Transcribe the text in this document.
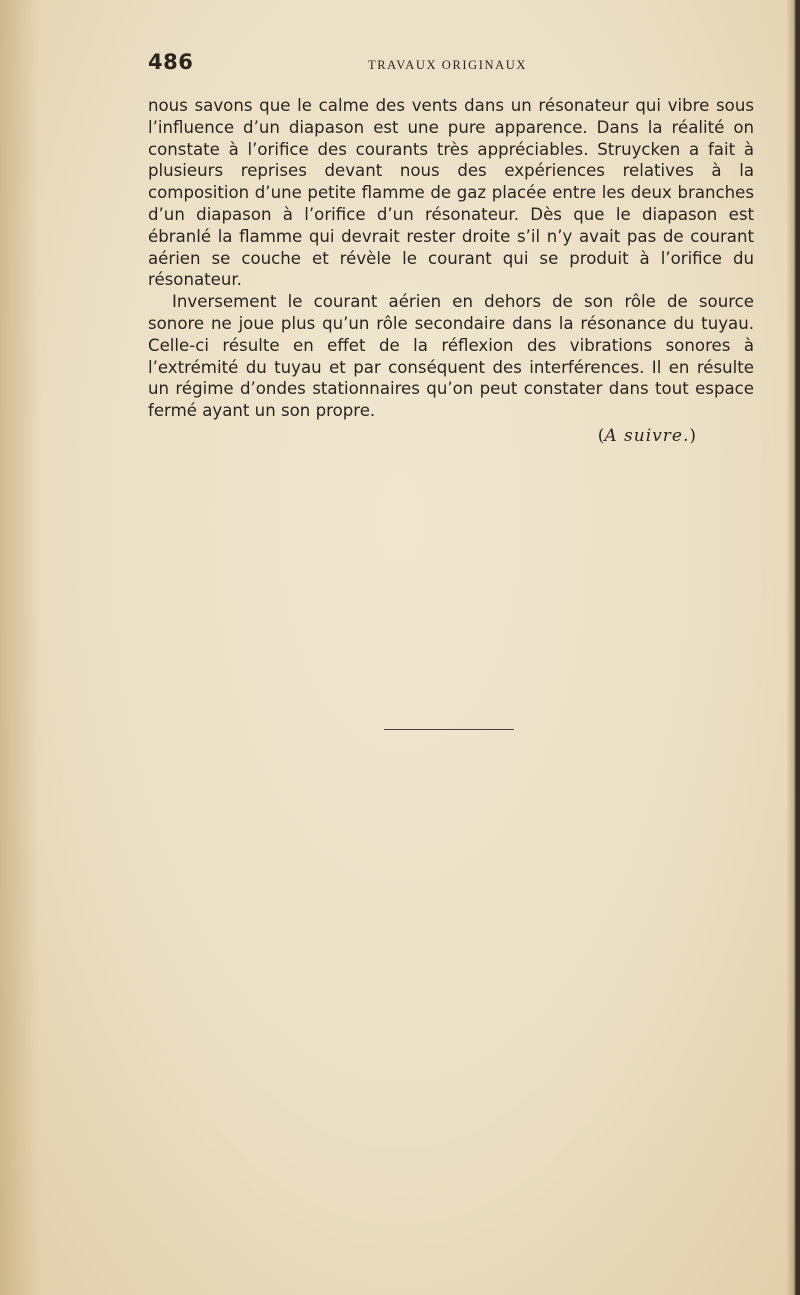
486	TRAVAUX ORIGINAUX

nous savons que le calme des vents dans un résonateur qui vibre sous l’influence d’un diapason est une pure apparence. Dans la réalité on constate à l’orifice des courants très appréciables. Struycken a fait à plusieurs reprises devant nous des expériences relatives à la composition d’une petite flamme de gaz placée entre les deux branches d’un diapason à l’orifice d’un résonateur. Dès que le diapason est ébranlé la flamme qui devrait rester droite s’il n’y avait pas de courant aérien se couche et révèle le courant qui se produit à l’orifice du résonateur.

Inversement le courant aérien en dehors de son rôle de source sonore ne joue plus qu’un rôle secondaire dans la résonance du tuyau. Celle-ci résulte en effet de la réflexion des vibrations sonores à l’extrémité du tuyau et par conséquent des interférences. Il en résulte un régime d’ondes stationnaires qu’on peut constater dans tout espace fermé ayant un son propre.

(A suivre.)
